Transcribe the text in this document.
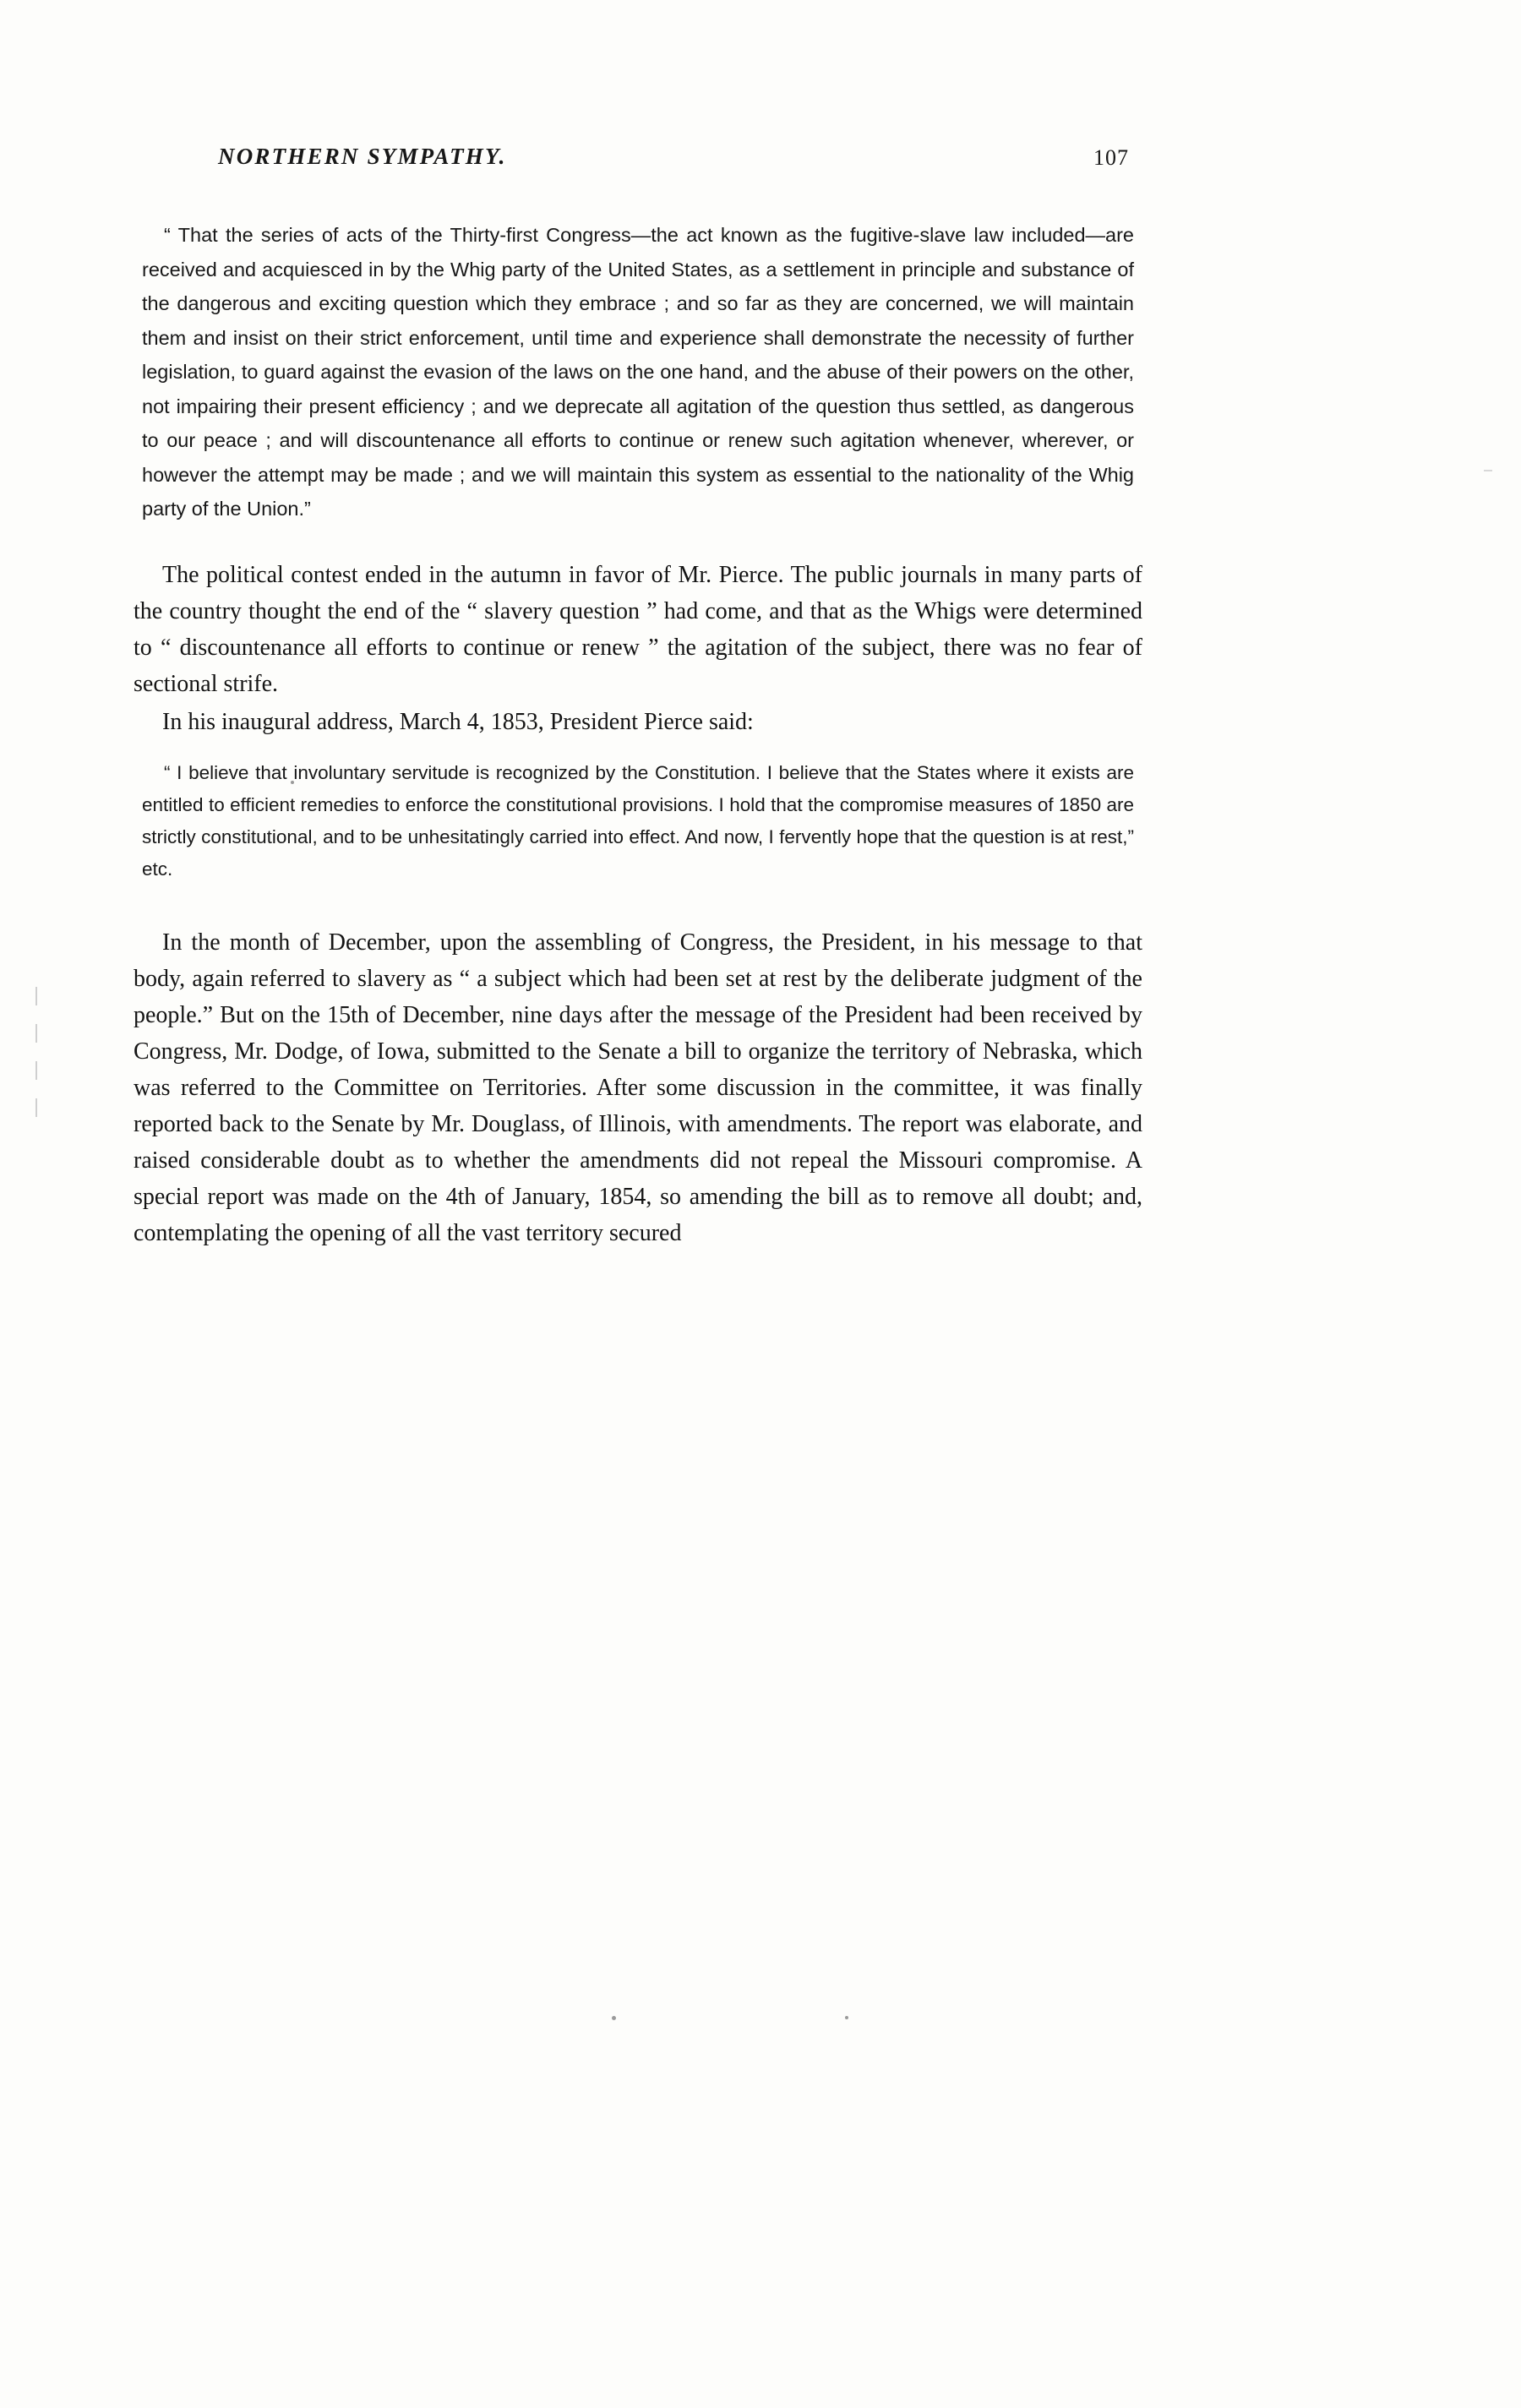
NORTHERN SYMPATHY.	107
“ That the series of acts of the Thirty-first Congress—the act known as the fugitive-slave law included—are received and acquiesced in by the Whig party of the United States, as a settlement in principle and substance of the dangerous and exciting question which they embrace ; and so far as they are concerned, we will maintain them and insist on their strict enforcement, until time and experience shall demonstrate the necessity of further legislation, to guard against the evasion of the laws on the one hand, and the abuse of their powers on the other, not impairing their present efficiency ; and we deprecate all agitation of the question thus settled, as dangerous to our peace ; and will discountenance all efforts to continue or renew such agitation whenever, wherever, or however the attempt may be made ; and we will maintain this system as essential to the nationality of the Whig party of the Union.”
The political contest ended in the autumn in favor of Mr. Pierce. The public journals in many parts of the country thought the end of the “ slavery question ” had come, and that as the Whigs were determined to “ discountenance all efforts to continue or renew ” the agitation of the subject, there was no fear of sectional strife.
In his inaugural address, March 4, 1853, President Pierce said:
“ I believe that involuntary servitude is recognized by the Constitution. I believe that the States where it exists are entitled to efficient remedies to enforce the constitutional provisions. I hold that the compromise measures of 1850 are strictly constitutional, and to be unhesitatingly carried into effect. And now, I fervently hope that the question is at rest,” etc.
In the month of December, upon the assembling of Congress, the President, in his message to that body, again referred to slavery as “ a subject which had been set at rest by the deliberate judgment of the people.” But on the 15th of December, nine days after the message of the President had been received by Congress, Mr. Dodge, of Iowa, submitted to the Senate a bill to organize the territory of Nebraska, which was referred to the Committee on Territories. After some discussion in the committee, it was finally reported back to the Senate by Mr. Douglass, of Illinois, with amendments. The report was elaborate, and raised considerable doubt as to whether the amendments did not repeal the Missouri compromise. A special report was made on the 4th of January, 1854, so amending the bill as to remove all doubt; and, contemplating the opening of all the vast territory secured
